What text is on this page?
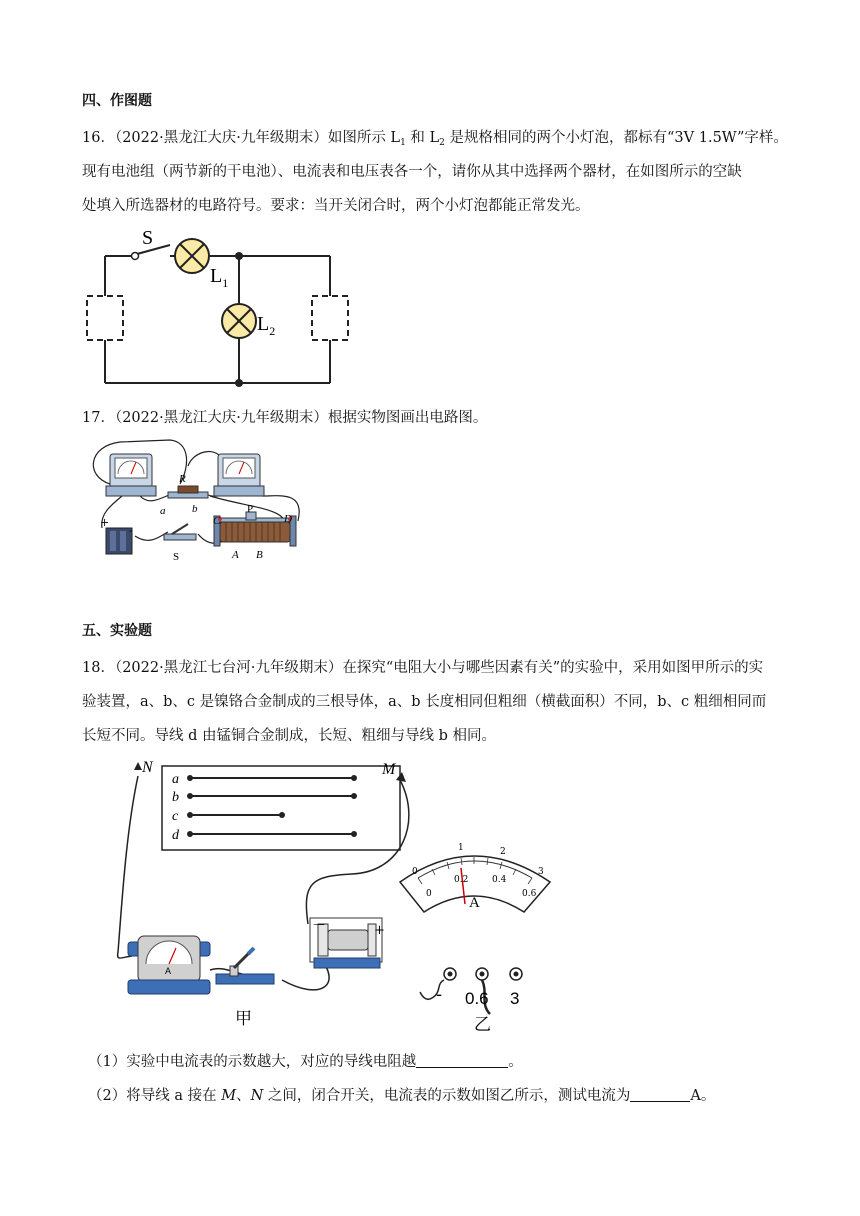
四、作图题
16．（2022·黑龙江大庆·九年级期末）如图所示 $L_1$ 和 $L_2$ 是规格相同的两个小灯泡，都标有“3V 1.5W”字样。
现有电池组（两节新的干电池）、电流表和电压表各一个，请你从其中选择两个器材，在如图所示的空缺
处填入所选器材的电路符号。要求：当开关闭合时，两个小灯泡都能正常发光。
S
$L_1$
$L_2$
17．（2022·黑龙江大庆·九年级期末）根据实物图画出电路图。
R
a b
+
-
S
C
P
D
A B
五、实验题
18．（2022·黑龙江七台河·九年级期末）在探究“电阻大小与哪些因素有关”的实验中，采用如图甲所示的实
验装置，a、b、c 是镍铬合金制成的三根导体，a、b 长度相同但粗细（横截面积）不同，b、c 粗细相同而
长短不同。导线 d 由锰铜合金制成，长短、粗细与导线 b 相同。
a
b
c
d
N	M
A
－	+
甲
0
1	2
3
0
0.2	0.4
0.6
A
- 0.6 3
乙
（1）实验中电流表的示数越大，对应的导线电阻越	。
（2）将导线 a 接在 M、N 之间，闭合开关，电流表的示数如图乙所示，测试电流为	A。
